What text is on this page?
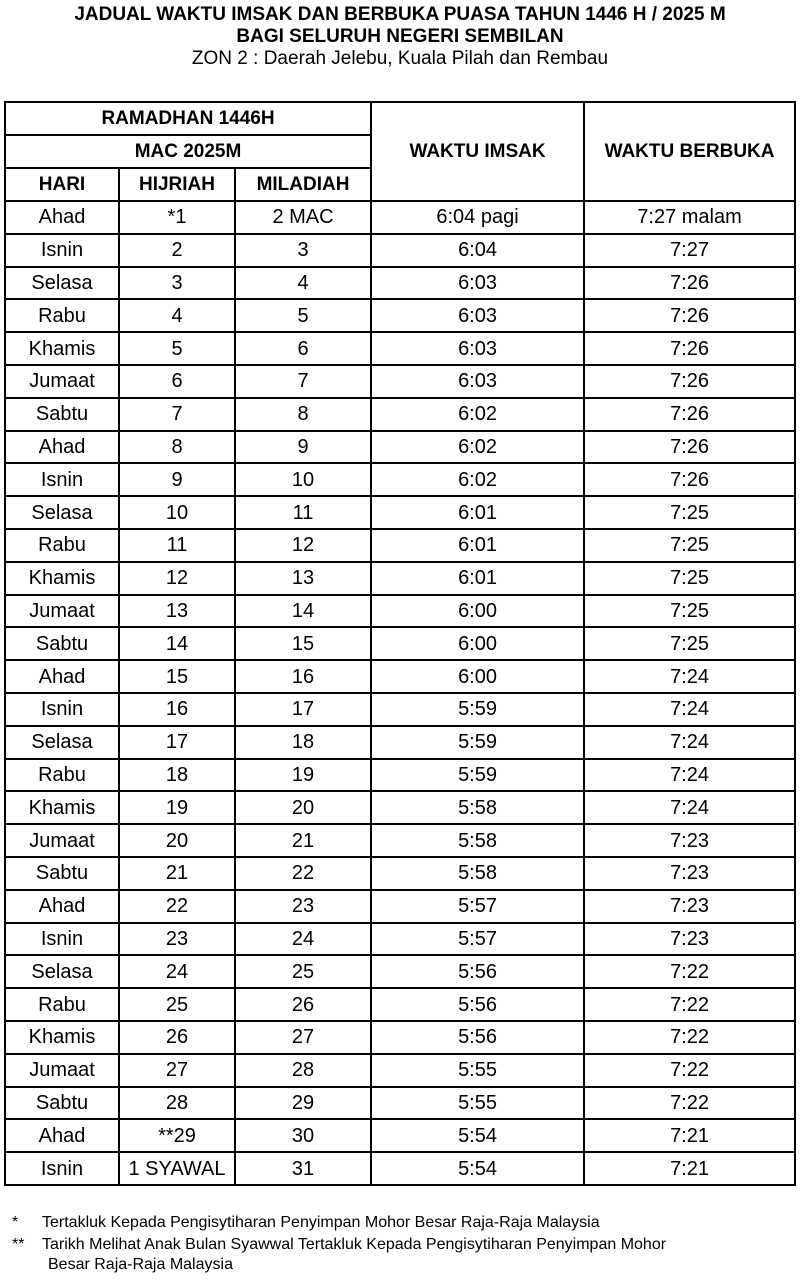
JADUAL WAKTU IMSAK DAN BERBUKA PUASA TAHUN 1446 H / 2025 M
BAGI SELURUH NEGERI SEMBILAN
ZON 2 : Daerah Jelebu, Kuala Pilah dan Rembau
RAMADHAN 1446H			WAKTU IMSAK	WAKTU BERBUKA
MAC 2025M				
HARI	HIJRIAH	MILADIAH		
Ahad	*1	2 MAC	6:04 pagi	7:27 malam
Isnin	2	3	6:04	7:27
Selasa	3	4	6:03	7:26
Rabu	4	5	6:03	7:26
Khamis	5	6	6:03	7:26
Jumaat	6	7	6:03	7:26
Sabtu	7	8	6:02	7:26
Ahad	8	9	6:02	7:26
Isnin	9	10	6:02	7:26
Selasa	10	11	6:01	7:25
Rabu	11	12	6:01	7:25
Khamis	12	13	6:01	7:25
Jumaat	13	14	6:00	7:25
Sabtu	14	15	6:00	7:25
Ahad	15	16	6:00	7:24
Isnin	16	17	5:59	7:24
Selasa	17	18	5:59	7:24
Rabu	18	19	5:59	7:24
Khamis	19	20	5:58	7:24
Jumaat	20	21	5:58	7:23
Sabtu	21	22	5:58	7:23
Ahad	22	23	5:57	7:23
Isnin	23	24	5:57	7:23
Selasa	24	25	5:56	7:22
Rabu	25	26	5:56	7:22
Khamis	26	27	5:56	7:22
Jumaat	27	28	5:55	7:22
Sabtu	28	29	5:55	7:22
Ahad	**29	30	5:54	7:21
Isnin	1 SYAWAL	31	5:54	7:21
*	Tertakluk Kepada Pengisytiharan Penyimpan Mohor Besar Raja-Raja Malaysia
**	Tarikh Melihat Anak Bulan Syawwal Tertakluk Kepada Pengisytiharan Penyimpan Mohor
Besar Raja-Raja Malaysia
